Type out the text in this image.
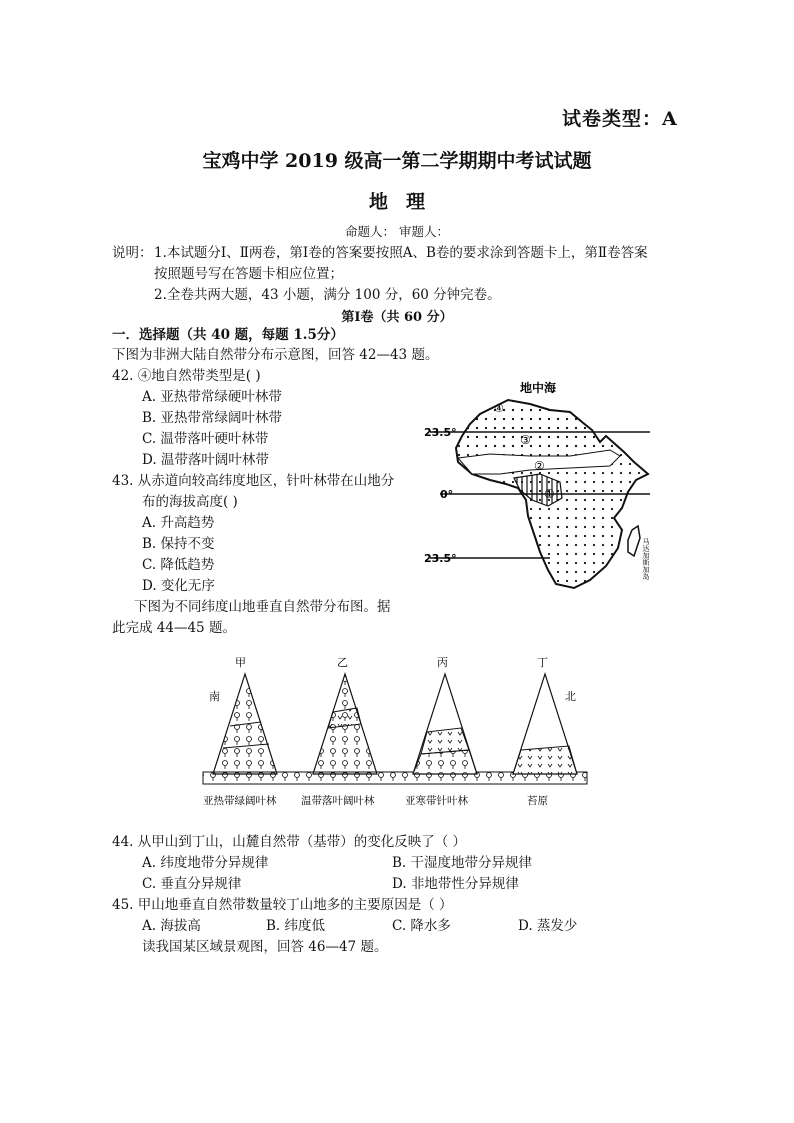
试卷类型：A
宝鸡中学 2019 级高一第二学期期中考试试题
地理
命题人： 审题人：
说明： 1.本试题分Ⅰ、Ⅱ两卷，第Ⅰ卷的答案要按照A、B卷的要求涂到答题卡上，第Ⅱ卷答案
按照题号写在答题卡相应位置；
2.全卷共两大题，43 小题，满分 100 分，60 分钟完卷。
第Ⅰ卷（共 60 分）
一．选择题（共 40 题，每题 1.5分）
下图为非洲大陆自然带分布示意图，回答 42—43 题。
42. ④地自然带类型是( )
A. 亚热带常绿硬叶林带
B. 亚热带常绿阔叶林带
C. 温带落叶硬叶林带
D. 温带落叶阔叶林带
43. 从赤道向较高纬度地区，针叶林带在山地分
布的海拔高度( )
A. 升高趋势
B. 保持不变
C. 降低趋势
D. 变化无序
下图为不同纬度山地垂直自然带分布图。据
此完成 44—45 题。
地中海
23.5°
0°
23.5°
④
③
②
①
马达加斯加岛
甲	乙	丙	丁
南	北
亚热带绿阔叶林 温带落叶阔叶林	亚寒带针叶林	苔原
44. 从甲山到丁山，山麓自然带（基带）的变化反映了（ ）
A. 纬度地带分异规律	B. 干湿度地带分异规律
C. 垂直分异规律	D. 非地带性分异规律
45. 甲山地垂直自然带数量较丁山地多的主要原因是（ ）
A. 海拔高	B. 纬度低	C. 降水多	D. 蒸发少
读我国某区域景观图，回答 46—47 题。
